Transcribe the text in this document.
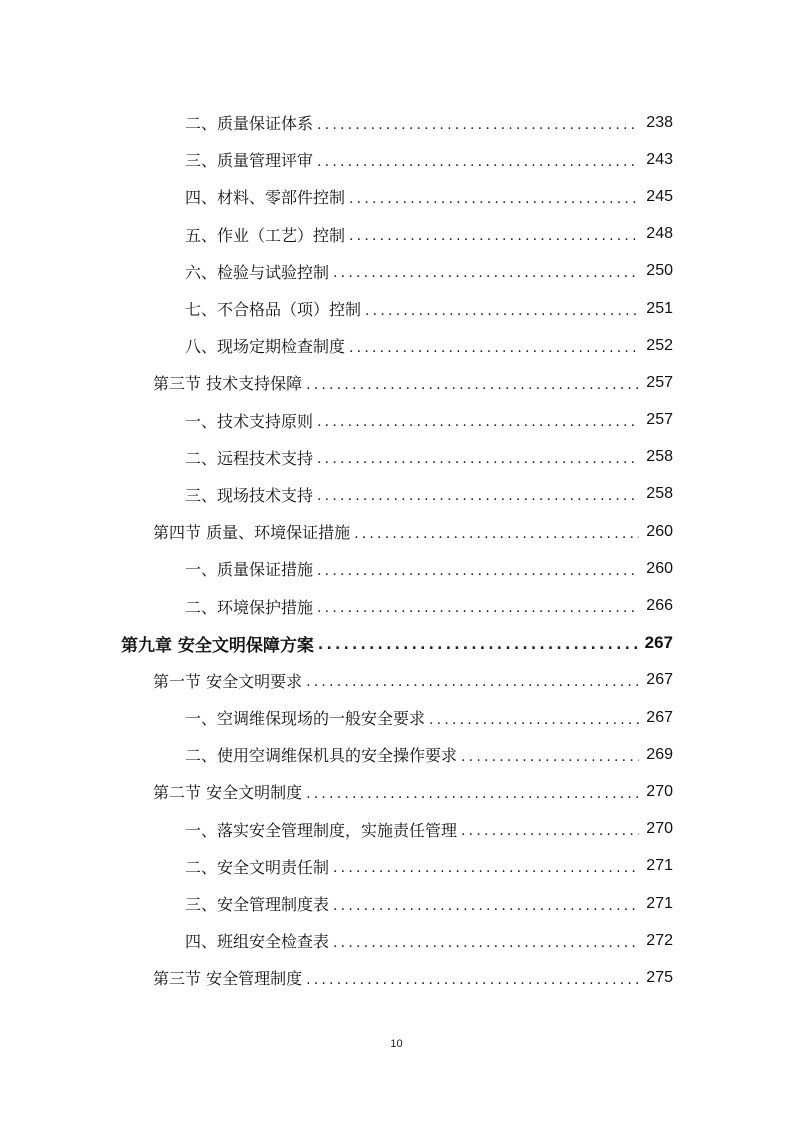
二、质量保证体系 .....	238
三、质量管理评审 .....	243
四、材料、零部件控制 .....	245
五、作业（工艺）控制 .....	248
六、检验与试验控制 .....	250
七、不合格品（项）控制 .....	251
八、现场定期检查制度 .....	252
第三节 技术支持保障 .....	257
一、技术支持原则 .....	257
二、远程技术支持 .....	258
三、现场技术支持 .....	258
第四节 质量、环境保证措施 .....	260
一、质量保证措施 .....	260
二、环境保护措施 .....	266
第九章 安全文明保障方案 .....	267
第一节 安全文明要求 .....	267
一、空调维保现场的一般安全要求 .....	267
二、使用空调维保机具的安全操作要求 .....	269
第二节 安全文明制度 .....	270
一、落实安全管理制度，实施责任管理 .....	270
二、安全文明责任制 .....	271
三、安全管理制度表 .....	271
四、班组安全检查表 .....	272
第三节 安全管理制度 .....	275
10
